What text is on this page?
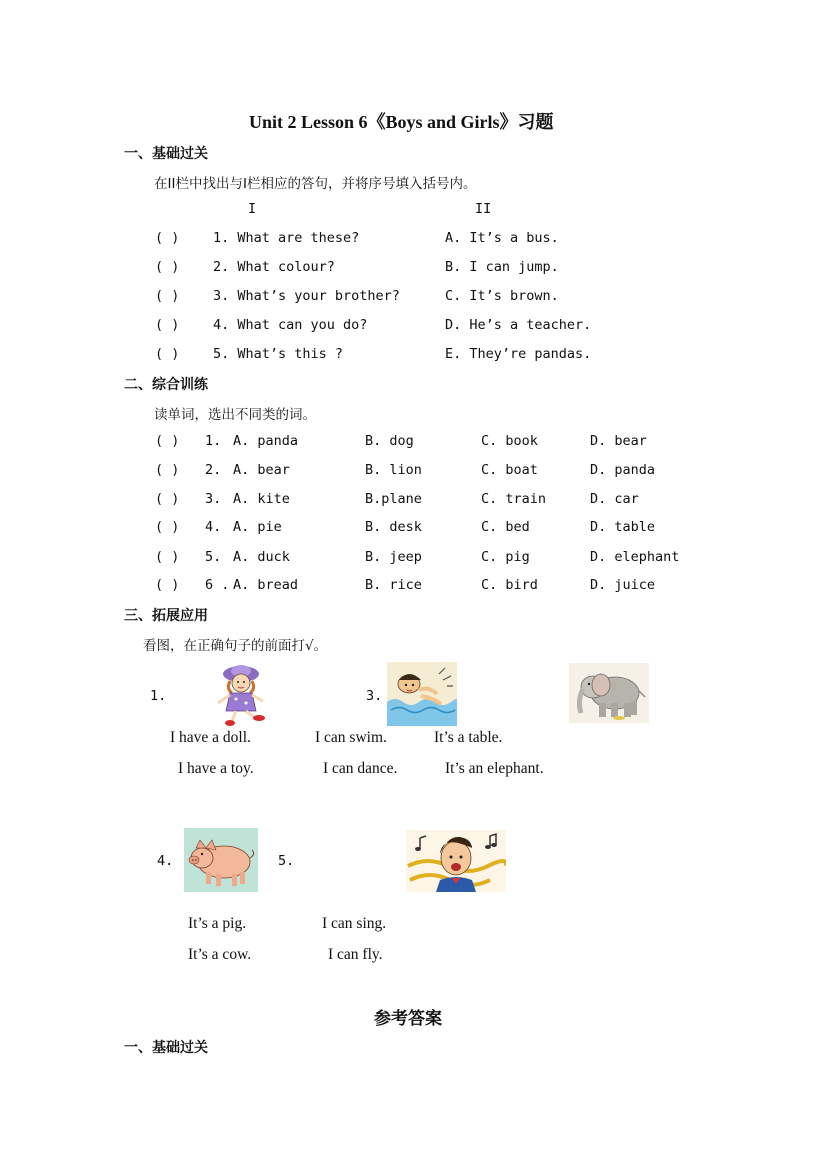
Unit 2 Lesson 6《Boys and Girls》习题
一、基础过关
在II栏中找出与I栏相应的答句，并将序号填入括号内。
I	II
( ) 1. What are these?	A. It’s a bus.
( ) 2. What colour?	B. I can jump.
( ) 3. What’s your brother?	C. It’s brown.
( ) 4. What can you do?	D. He’s a teacher.
( ) 5. What’s this ?	E. They’re pandas.
二、综合训练
读单词，选出不同类的词。
( ) 1. A. panda	B. dog	C. book	D. bear
( ) 2. A. bear	B. lion	C. boat	D. panda
( ) 3. A. kite	B.plane	C. train	D. car
( ) 4. A. pie	B. desk	C. bed	D. table
( ) 5. A. duck	B. jeep	C. pig	D. elephant
( ) 6 . A. bread	B. rice	C. bird	D. juice
三、拓展应用
看图，在正确句子的前面打√。
1.	3.
I have a doll.	I can swim.	It’s a table.
I have a toy.	I can dance.	It’s an elephant.
4.	5.
It’s a pig.	I can sing.
It’s a cow.	I can fly.
参考答案
一、基础过关
